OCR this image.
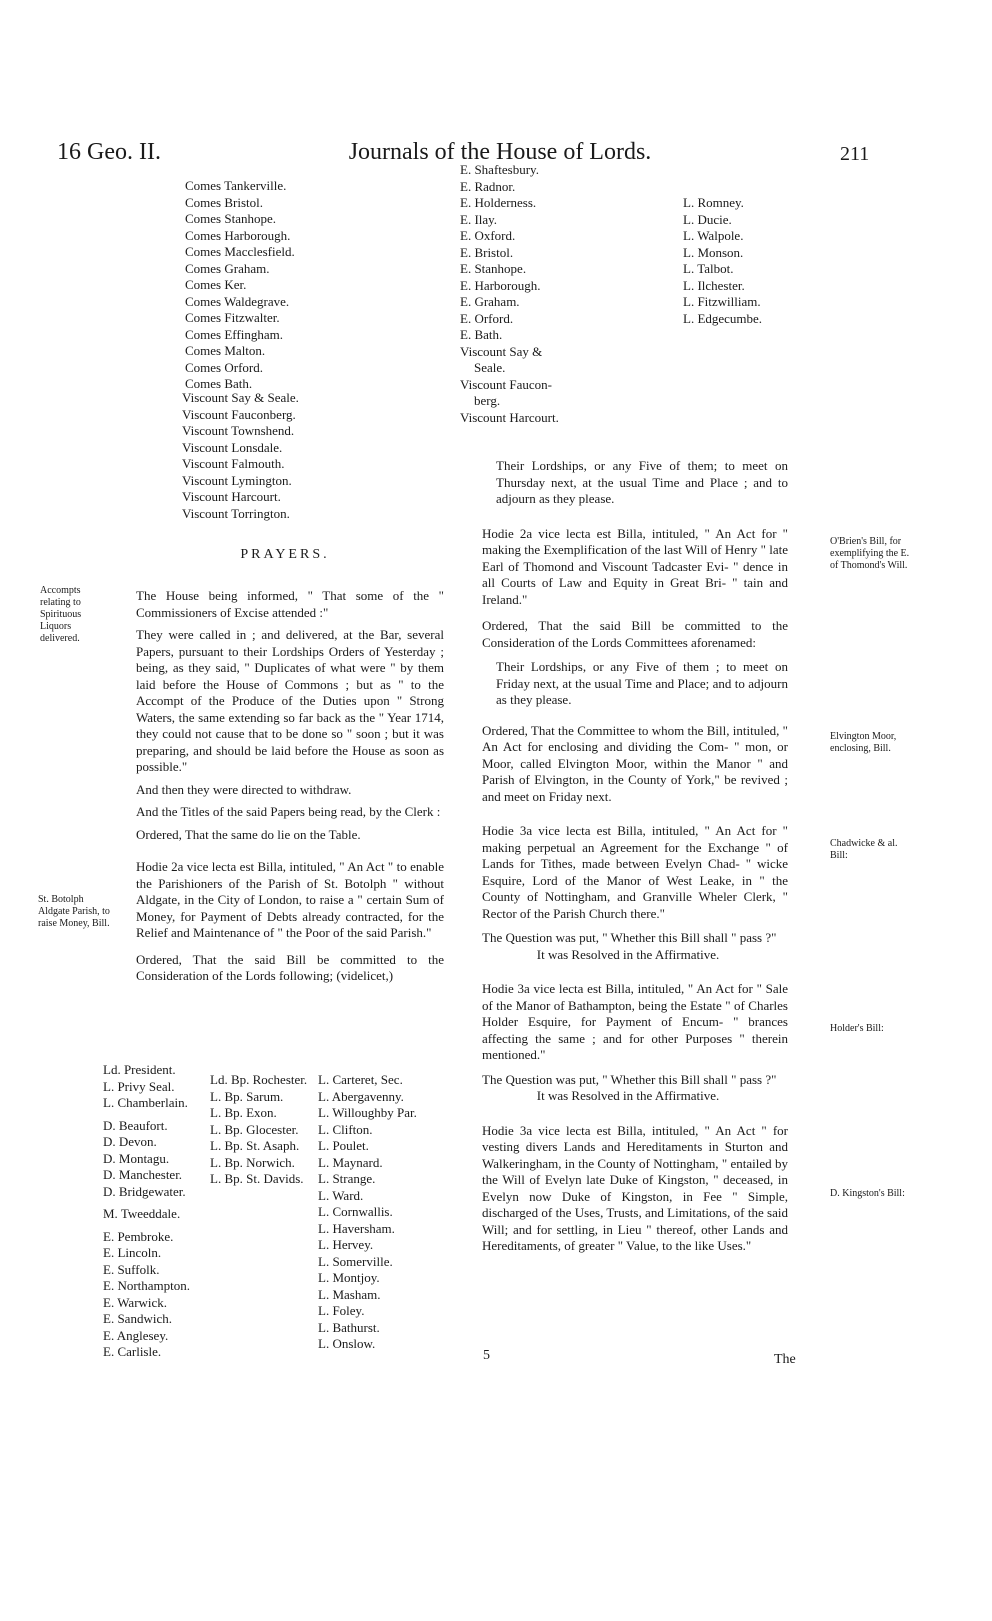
16 Geo. II.	Journals of the House of Lords.	211
Comes Tankerville.
Comes Bristol.
Comes Stanhope.
Comes Harborough.
Comes Macclesfield.
Comes Graham.
Comes Ker.
Comes Waldegrave.
Comes Fitzwalter.
Comes Effingham.
Comes Malton.
Comes Orford.
Comes Bath.
Viscount Say & Seale.
Viscount Fauconberg.
Viscount Townshend.
Viscount Lonsdale.
Viscount Falmouth.
Viscount Lymington.
Viscount Harcourt.
Viscount Torrington.
PRAYERS.
Accompts relating to Spirituous Liquors delivered.
St. Botolph Aldgate Parish, to raise Money, Bill.

The House being informed, " That some of the " Commissioners of Excise attended :"

They were called in ; and delivered, at the Bar, several Papers, pursuant to their Lordships Orders of Yesterday ; being, as they said, " Duplicates of what were " by them laid before the House of Commons ; but as " to the Accompt of the Produce of the Duties upon " Strong Waters, the same extending so far back as the " Year 1714, they could not cause that to be done so " soon ; but it was preparing, and should be laid before the House as soon as possible."

And then they were directed to withdraw.

And the Titles of the said Papers being read, by the Clerk :

Ordered, That the same do lie on the Table.

Hodie 2a vice lecta est Billa, intituled, " An Act " to enable the Parishioners of the Parish of St. Botolph " without Aldgate, in the City of London, to raise a " certain Sum of Money, for Payment of Debts already contracted, for the Relief and Maintenance of " the Poor of the said Parish."

Ordered, That the said Bill be committed to the Consideration of the Lords following; (videlicet,)

Ld. President.
L. Privy Seal.
L. Chamberlain.
D. Beaufort.
D. Devon.
D. Montagu.
D. Manchester.
D. Bridgewater.
M. Tweeddale.
E. Pembroke.
E. Lincoln.
E. Suffolk.
E. Northampton.
E. Warwick.
E. Sandwich.
E. Anglesey.
E. Carlisle.
Ld. Bp. Rochester.
L. Bp. Sarum.
L. Bp. Exon.
L. Bp. Glocester.
L. Bp. St. Asaph.
L. Bp. Norwich.
L. Bp. St. Davids.
L. Carteret, Sec.
L. Abergavenny.
L. Willoughby Par.
L. Clifton.
L. Poulet.
L. Maynard.
L. Strange.
L. Ward.
L. Cornwallis.
L. Haversham.
L. Hervey.
L. Somerville.
L. Montjoy.
L. Masham.
L. Foley.
L. Bathurst.
L. Onslow.
E. Shaftesbury.
E. Radnor.
E. Holderness.
E. Ilay.
E. Oxford.
E. Bristol.
E. Stanhope.
E. Harborough.
E. Graham.
E. Orford.
E. Bath.
Viscount Say &
Seale.
Viscount Faucon-
berg.
Viscount Harcourt.
L. Romney.
L. Ducie.
L. Walpole.
L. Monson.
L. Talbot.
L. Ilchester.
L. Fitzwilliam.
L. Edgecumbe.

Their Lordships, or any Five of them; to meet on Thursday next, at the usual Time and Place ; and to adjourn as they please.

Hodie 2a vice lecta est Billa, intituled, " An Act for " making the Exemplification of the last Will of Henry " late Earl of Thomond and Viscount Tadcaster Evi- " dence in all Courts of Law and Equity in Great Bri- " tain and Ireland."

Ordered, That the said Bill be committed to the Consideration of the Lords Committees aforenamed:

Their Lordships, or any Five of them ; to meet on Friday next, at the usual Time and Place; and to adjourn as they please.

Ordered, That the Committee to whom the Bill, intituled, " An Act for enclosing and dividing the Com- " mon, or Moor, called Elvington Moor, within the Manor " and Parish of Elvington, in the County of York," be revived ; and meet on Friday next.

Hodie 3a vice lecta est Billa, intituled, " An Act for " making perpetual an Agreement for the Exchange " of Lands for Tithes, made between Evelyn Chad- " wicke Esquire, Lord of the Manor of West Leake, in " the County of Nottingham, and Granville Wheler Clerk, " Rector of the Parish Church there."

The Question was put, " Whether this Bill shall " pass ?"

It was Resolved in the Affirmative.

Hodie 3a vice lecta est Billa, intituled, " An Act for " Sale of the Manor of Bathampton, being the Estate " of Charles Holder Esquire, for Payment of Encum- " brances affecting the same ; and for other Purposes " therein mentioned."

The Question was put, " Whether this Bill shall " pass ?"

It was Resolved in the Affirmative.

Hodie 3a vice lecta est Billa, intituled, " An Act " for vesting divers Lands and Hereditaments in Sturton and Walkeringham, in the County of Nottingham, " entailed by the Will of Evelyn late Duke of Kingston, " deceased, in Evelyn now Duke of Kingston, in Fee " Simple, discharged of the Uses, Trusts, and Limitations, of the said Will; and for settling, in Lieu " thereof, other Lands and Hereditaments, of greater " Value, to the like Uses."

O'Brien's Bill, for exemplifying the E. of Thomond's Will.
Elvington Moor, enclosing, Bill.
Chadwicke & al. Bill:
Holder's Bill:
D. Kingston's Bill:
5	The
